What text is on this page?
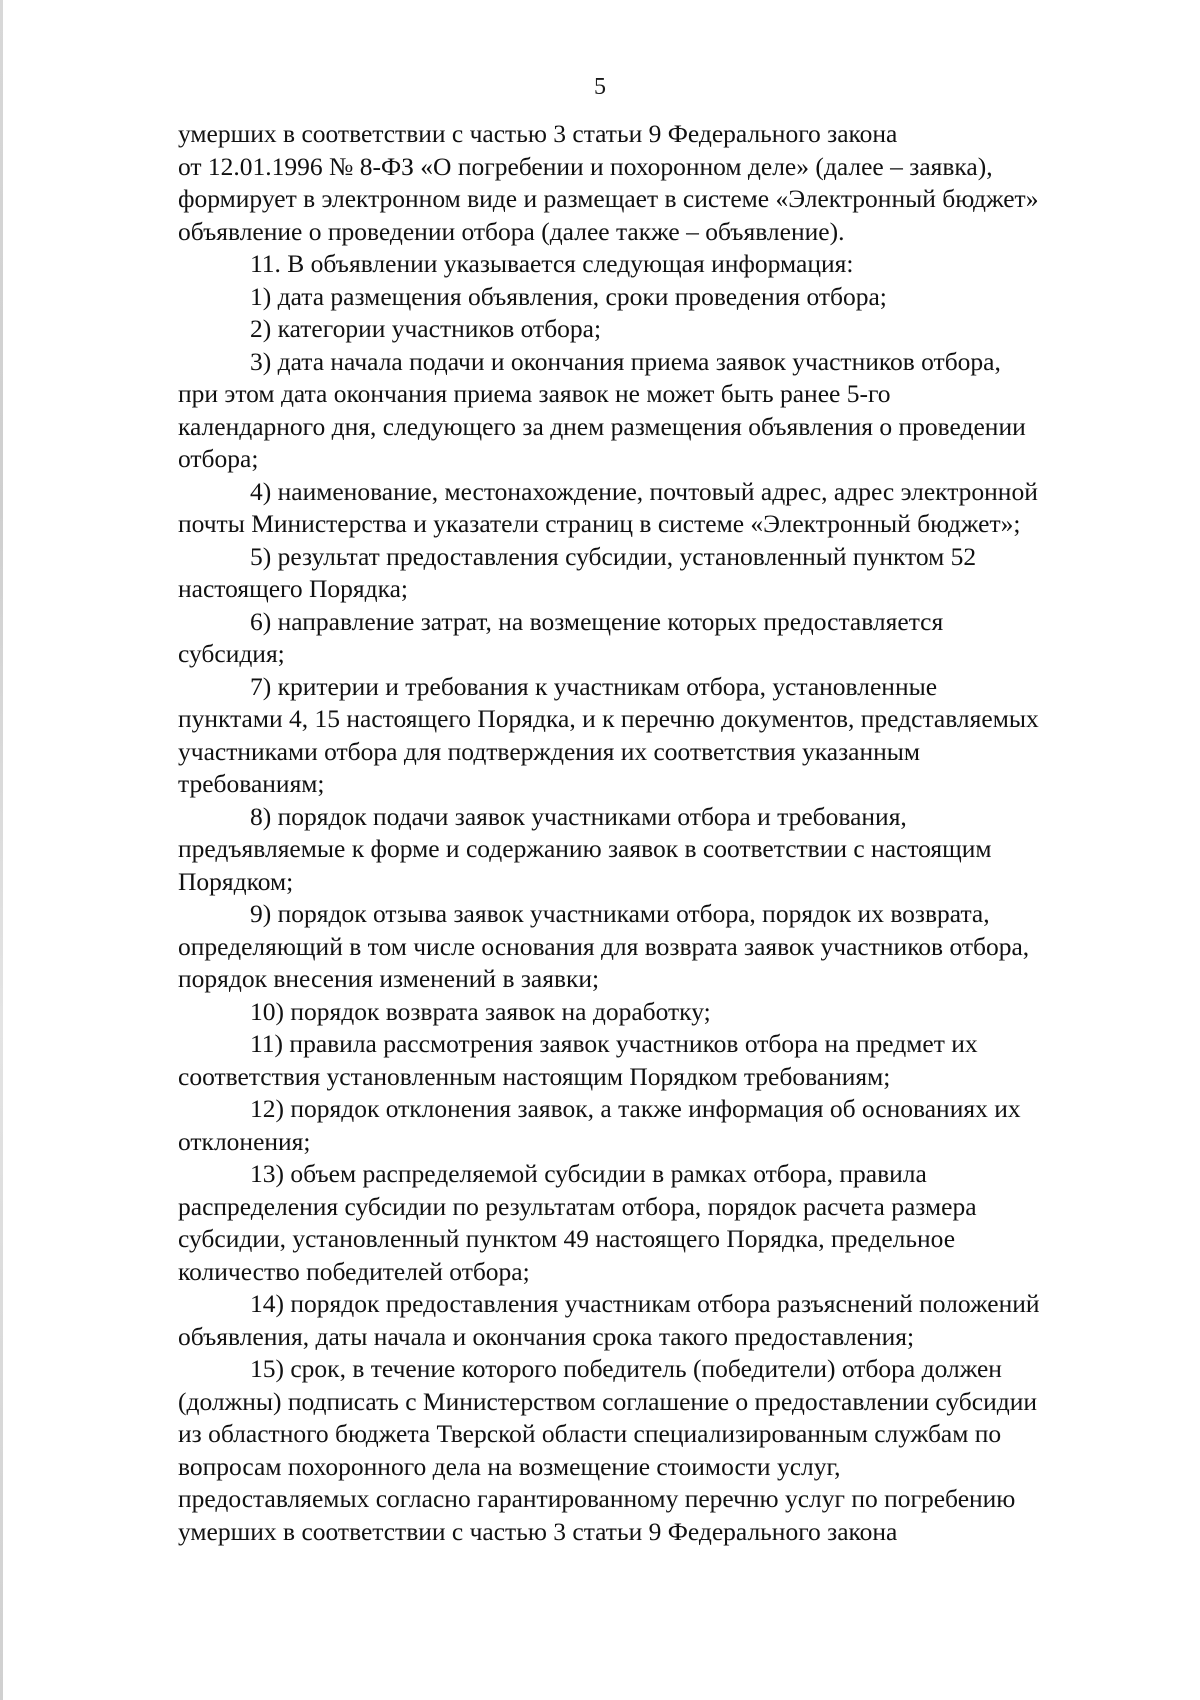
5

умерших в соответствии с частью 3 статьи 9 Федерального закона
от 12.01.1996 № 8-ФЗ «О погребении и похоронном деле» (далее – заявка),
формирует в электронном виде и размещает в системе «Электронный бюджет»
объявление о проведении отбора (далее также – объявление).

11. В объявлении указывается следующая информация:

1) дата размещения объявления, сроки проведения отбора;

2) категории участников отбора;

3) дата начала подачи и окончания приема заявок участников отбора,
при этом дата окончания приема заявок не может быть ранее 5-го
календарного дня, следующего за днем размещения объявления о проведении
отбора;

4) наименование, местонахождение, почтовый адрес, адрес электронной
почты Министерства и указатели страниц в системе «Электронный бюджет»;

5) результат предоставления субсидии, установленный пунктом 52
настоящего Порядка;

6) направление затрат, на возмещение которых предоставляется
субсидия;

7) критерии и требования к участникам отбора, установленные
пунктами 4, 15 настоящего Порядка, и к перечню документов, представляемых
участниками отбора для подтверждения их соответствия указанным
требованиям;

8) порядок подачи заявок участниками отбора и требования,
предъявляемые к форме и содержанию заявок в соответствии с настоящим
Порядком;

9) порядок отзыва заявок участниками отбора, порядок их возврата,
определяющий в том числе основания для возврата заявок участников отбора,
порядок внесения изменений в заявки;

10) порядок возврата заявок на доработку;

11) правила рассмотрения заявок участников отбора на предмет их
соответствия установленным настоящим Порядком требованиям;

12) порядок отклонения заявок, а также информация об основаниях их
отклонения;

13) объем распределяемой субсидии в рамках отбора, правила
распределения субсидии по результатам отбора, порядок расчета размера
субсидии, установленный пунктом 49 настоящего Порядка, предельное
количество победителей отбора;

14) порядок предоставления участникам отбора разъяснений положений
объявления, даты начала и окончания срока такого предоставления;

15) срок, в течение которого победитель (победители) отбора должен
(должны) подписать с Министерством соглашение о предоставлении субсидии
из областного бюджета Тверской области специализированным службам по
вопросам похоронного дела на возмещение стоимости услуг,
предоставляемых согласно гарантированному перечню услуг по погребению
умерших в соответствии с частью 3 статьи 9 Федерального закона
